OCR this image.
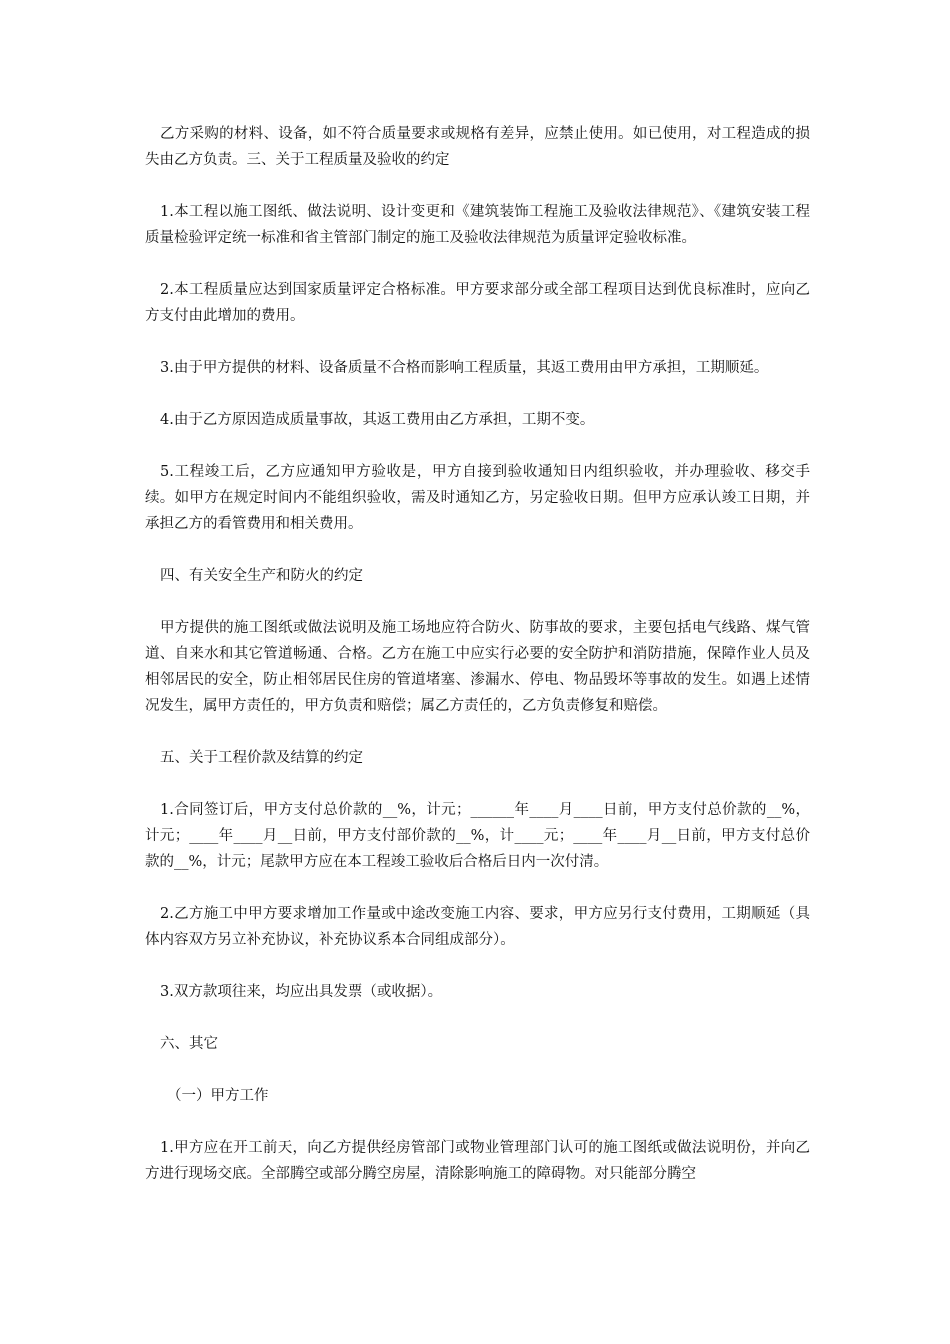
乙方采购的材料、设备，如不符合质量要求或规格有差异，应禁止使用。如已使用，对工程造成的损失由乙方负责。三、关于工程质量及验收的约定

1.本工程以施工图纸、做法说明、设计变更和《建筑装饰工程施工及验收法律规范》、《建筑安装工程质量检验评定统一标准和省主管部门制定的施工及验收法律规范为质量评定验收标准。

2.本工程质量应达到国家质量评定合格标准。甲方要求部分或全部工程项目达到优良标准时，应向乙方支付由此增加的费用。

3.由于甲方提供的材料、设备质量不合格而影响工程质量，其返工费用由甲方承担，工期顺延。

4.由于乙方原因造成质量事故，其返工费用由乙方承担，工期不变。

5.工程竣工后，乙方应通知甲方验收是，甲方自接到验收通知日内组织验收，并办理验收、移交手续。如甲方在规定时间内不能组织验收，需及时通知乙方，另定验收日期。但甲方应承认竣工日期，并承担乙方的看管费用和相关费用。

四、有关安全生产和防火的约定

甲方提供的施工图纸或做法说明及施工场地应符合防火、防事故的要求，主要包括电气线路、煤气管道、自来水和其它管道畅通、合格。乙方在施工中应实行必要的安全防护和消防措施，保障作业人员及相邻居民的安全，防止相邻居民住房的管道堵塞、渗漏水、停电、物品毁坏等事故的发生。如遇上述情况发生，属甲方责任的，甲方负责和赔偿；属乙方责任的，乙方负责修复和赔偿。

五、关于工程价款及结算的约定

1.合同签订后，甲方支付总价款的__%，计元；______年____月____日前，甲方支付总价款的__%，计元；____年____月__日前，甲方支付部价款的__%，计____元；____年____月__日前，甲方支付总价款的__%，计元；尾款甲方应在本工程竣工验收后合格后日内一次付清。

2.乙方施工中甲方要求增加工作量或中途改变施工内容、要求，甲方应另行支付费用，工期顺延（具体内容双方另立补充协议，补充协议系本合同组成部分）。

3.双方款项往来，均应出具发票（或收据）。

六、其它

（一）甲方工作

1.甲方应在开工前天，向乙方提供经房管部门或物业管理部门认可的施工图纸或做法说明份，并向乙方进行现场交底。全部腾空或部分腾空房屋，清除影响施工的障碍物。对只能部分腾空
